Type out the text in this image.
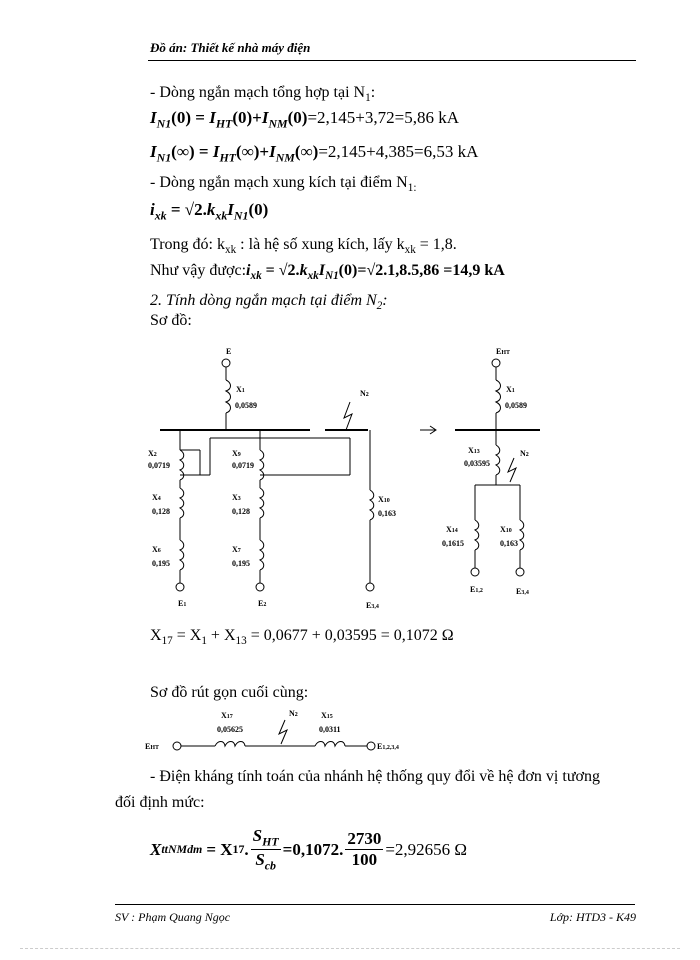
Đồ án: Thiết kế nhà máy điện
- Dòng ngắn mạch tổng hợp tại $N_1$:
$I_{N1}(0) = I_{HT}(0)+I_{NM}(0)=2,145+3,72=5,86$ kA
$I_{N1}(\infty) = I_{HT}(\infty)+I_{NM}(\infty)=2,145+4,385=6,53$ kA
- Dòng ngắn mạch xung kích tại điểm $N_{1:}$
$i_{xk} = √2.k_{xk}I_{N1}(0)$
Trong đó: $k_{xk}$ : là hệ số xung kích, lấy $k_{xk} = 1,8$.
Như vậy $được:i_{xk} = √2.k_{xk}I_{N1}(0)=√2.1,8.5,86 =14,9$ kA
2. Tính dòng ngắn mạch tại điểm $N_2$:
Sơ đồ:
E
X1
0,0589
N2
X2
0,0719
X9
0,0719
X4
0,128
X3
0,128
X6
0,195
X7
0,195
X10
0,163
E1	E2	E3,4
EHT
X1
0,0589
X13
0,03595
N2
X14
0,1615
X10
0,163
E1,2	E3,4
$X_{17} = X_1 + X_{13} = 0,0677 + 0,03595 = 0,1072$ Ω
Sơ đồ rút gọn cuối cùng:
EHT
X17
0,05625
N2	X15
0,0311
E1,2,3,4
- Điện kháng tính toán của nhánh hệ thống quy đổi về hệ đơn vị tương
đối định mức:
X ttNMdm = X 17 .
$S_{HT}$
$S_{cb}$
=0,1072. $\frac{2730}{100} =2,92656$ Ω
SV : Phạm Quang Ngọc	Lớp: HTD3 - K49
